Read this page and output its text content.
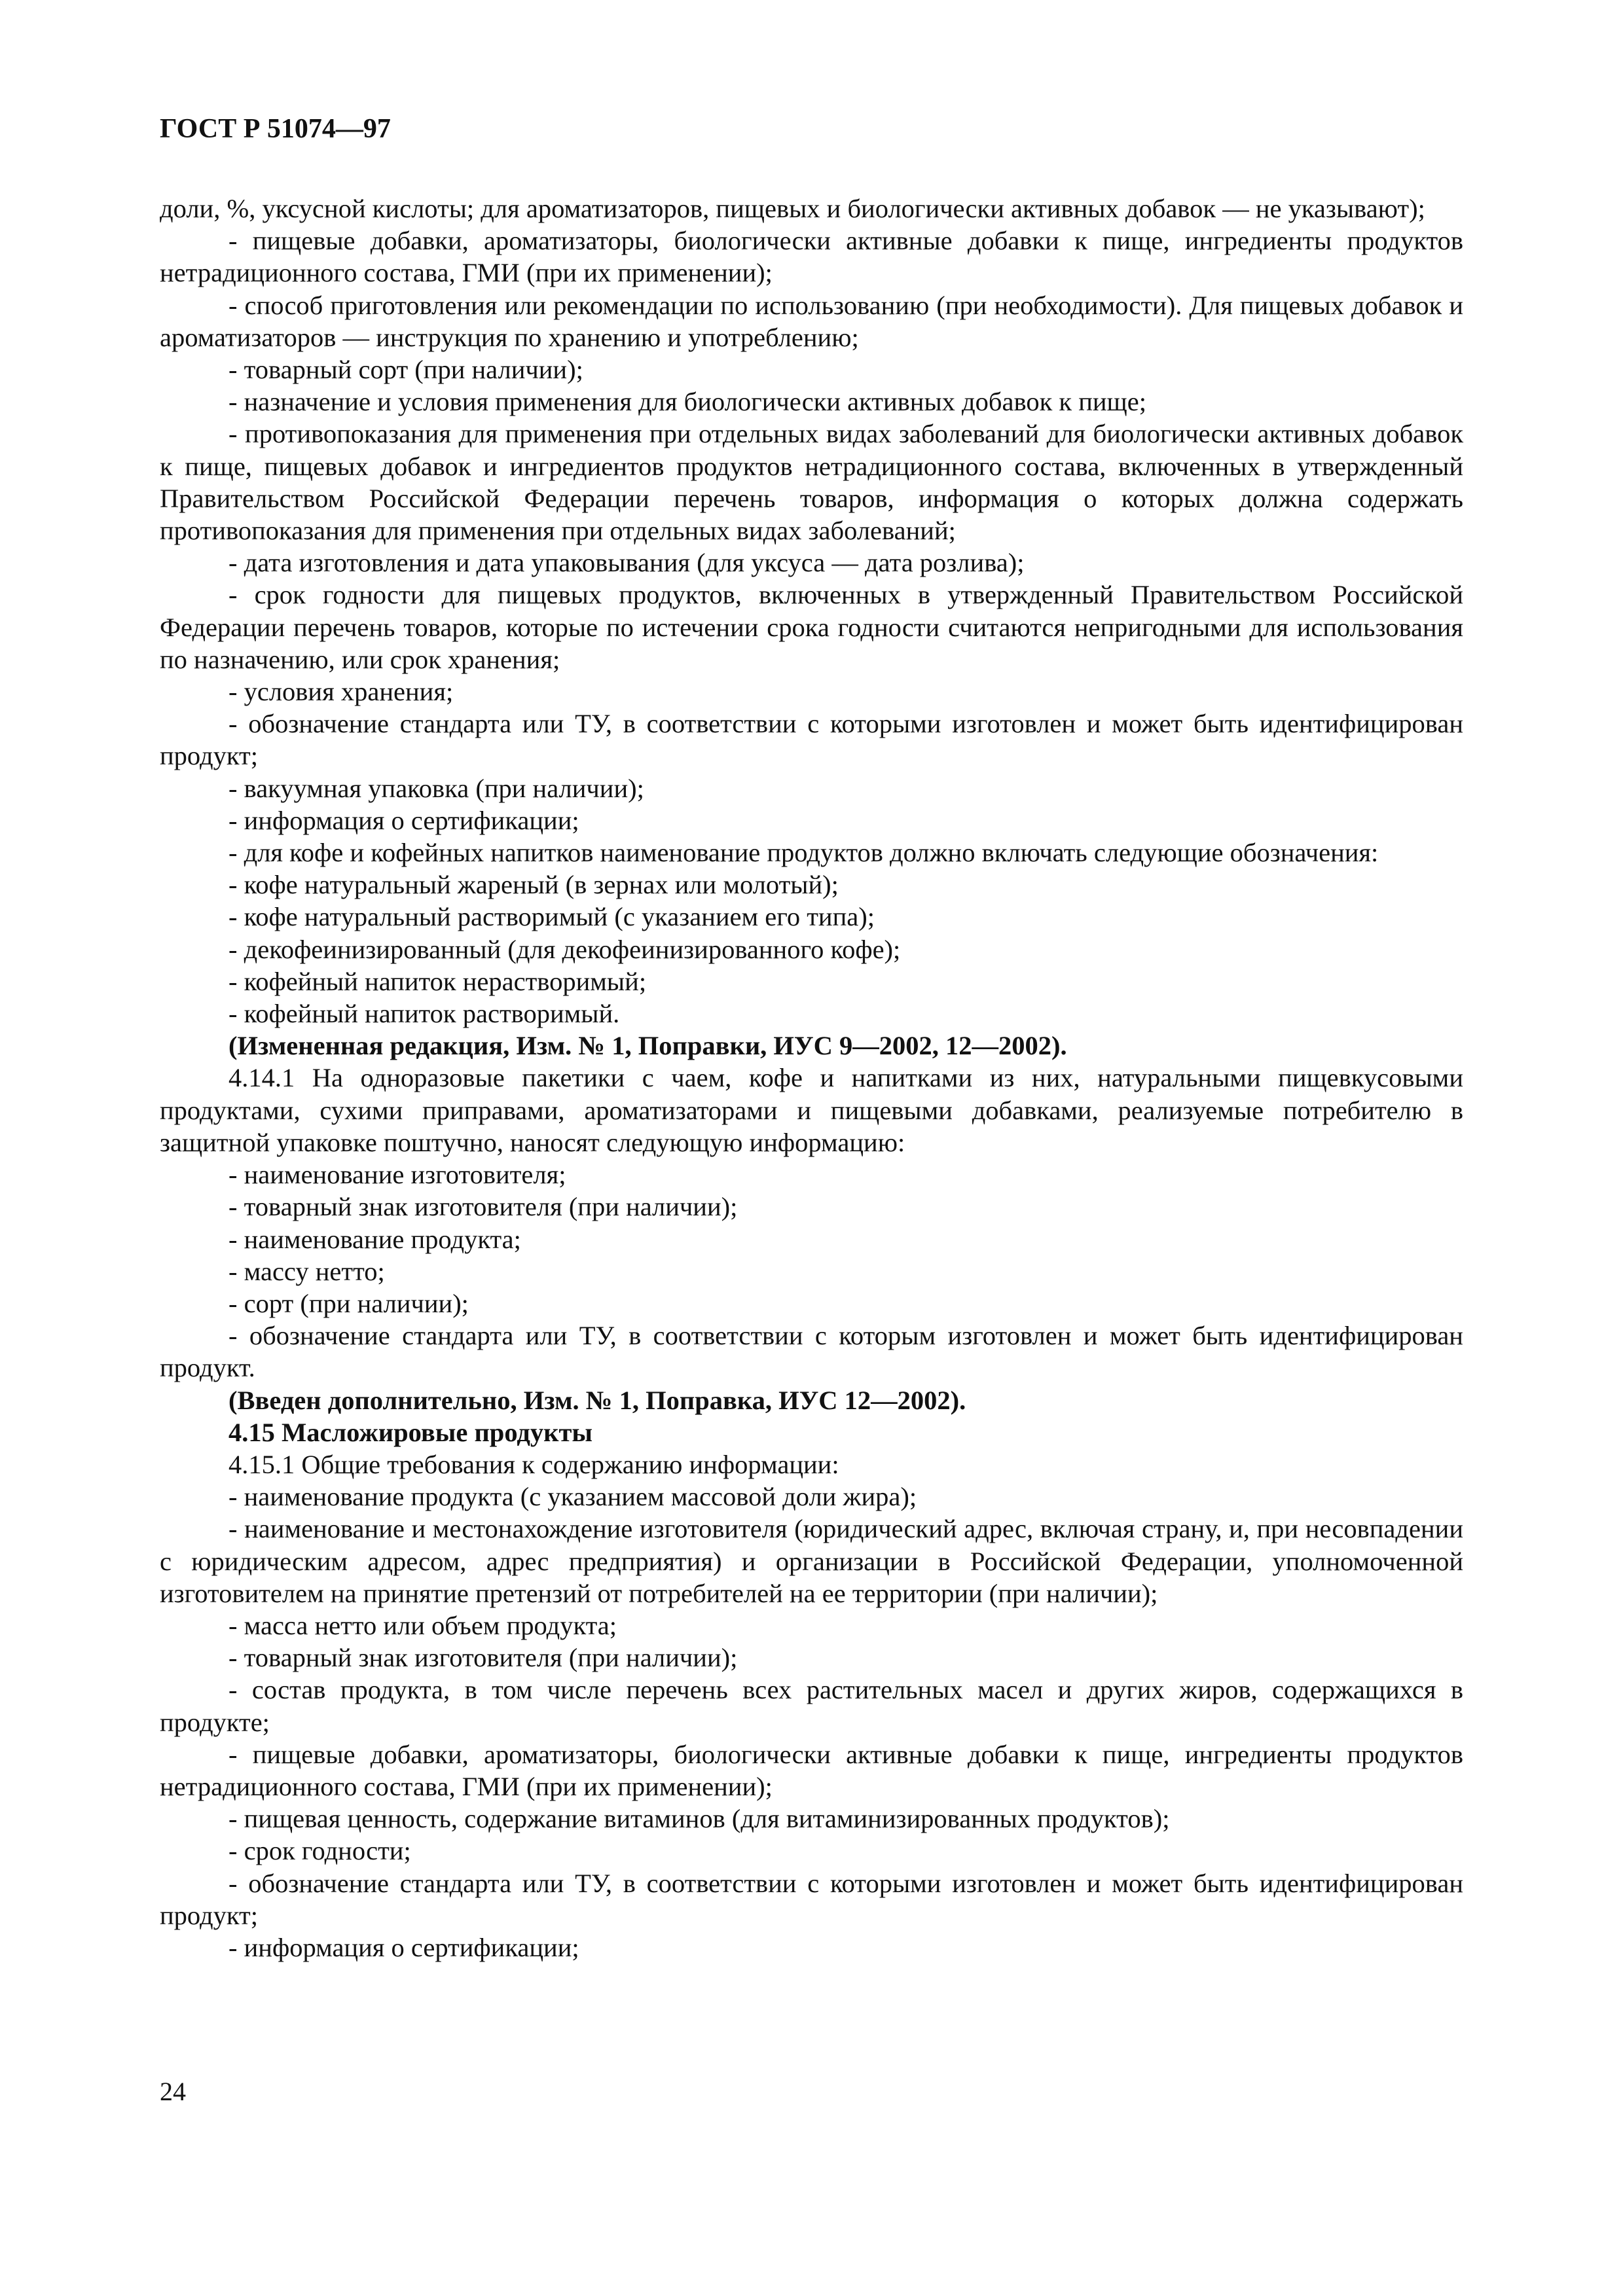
ГОСТ Р 51074—97

доли, %, уксусной кислоты; для ароматизаторов, пищевых и биологически активных добавок — не указывают);

- пищевые добавки, ароматизаторы, биологически активные добавки к пище, ингредиенты продуктов нетрадиционного состава, ГМИ (при их применении);

- способ приготовления или рекомендации по использованию (при необходимости). Для пищевых добавок и ароматизаторов — инструкция по хранению и употреблению;

- товарный сорт (при наличии);

- назначение и условия применения для биологически активных добавок к пище;

- противопоказания для применения при отдельных видах заболеваний для биологически активных добавок к пище, пищевых добавок и ингредиентов продуктов нетрадиционного состава, включенных в утвержденный Правительством Российской Федерации перечень товаров, информация о которых должна содержать противопоказания для применения при отдельных видах заболеваний;

- дата изготовления и дата упаковывания (для уксуса — дата розлива);

- срок годности для пищевых продуктов, включенных в утвержденный Правительством Российской Федерации перечень товаров, которые по истечении срока годности считаются непригодными для использования по назначению, или срок хранения;

- условия хранения;

- обозначение стандарта или ТУ, в соответствии с которыми изготовлен и может быть идентифицирован продукт;

- вакуумная упаковка (при наличии);

- информация о сертификации;

- для кофе и кофейных напитков наименование продуктов должно включать следующие обозначения:

- кофе натуральный жареный (в зернах или молотый);

- кофе натуральный растворимый (с указанием его типа);

- декофеинизированный (для декофеинизированного кофе);

- кофейный напиток нерастворимый;

- кофейный напиток растворимый.

(Измененная редакция, Изм. № 1, Поправки, ИУС 9—2002, 12—2002).

4.14.1 На одноразовые пакетики с чаем, кофе и напитками из них, натуральными пищевкусовыми продуктами, сухими приправами, ароматизаторами и пищевыми добавками, реализуемые потребителю в защитной упаковке поштучно, наносят следующую информацию:

- наименование изготовителя;

- товарный знак изготовителя (при наличии);

- наименование продукта;

- массу нетто;

- сорт (при наличии);

- обозначение стандарта или ТУ, в соответствии с которым изготовлен и может быть идентифицирован продукт.

(Введен дополнительно, Изм. № 1, Поправка, ИУС 12—2002).

4.15 Масложировые продукты

4.15.1 Общие требования к содержанию информации:

- наименование продукта (с указанием массовой доли жира);

- наименование и местонахождение изготовителя (юридический адрес, включая страну, и, при несовпадении с юридическим адресом, адрес предприятия) и организации в Российской Федерации, уполномоченной изготовителем на принятие претензий от потребителей на ее территории (при наличии);

- масса нетто или объем продукта;

- товарный знак изготовителя (при наличии);

- состав продукта, в том числе перечень всех растительных масел и других жиров, содержащихся в продукте;

- пищевые добавки, ароматизаторы, биологически активные добавки к пище, ингредиенты продуктов нетрадиционного состава, ГМИ (при их применении);

- пищевая ценность, содержание витаминов (для витаминизированных продуктов);

- срок годности;

- обозначение стандарта или ТУ, в соответствии с которыми изготовлен и может быть идентифицирован продукт;

- информация о сертификации;

24
